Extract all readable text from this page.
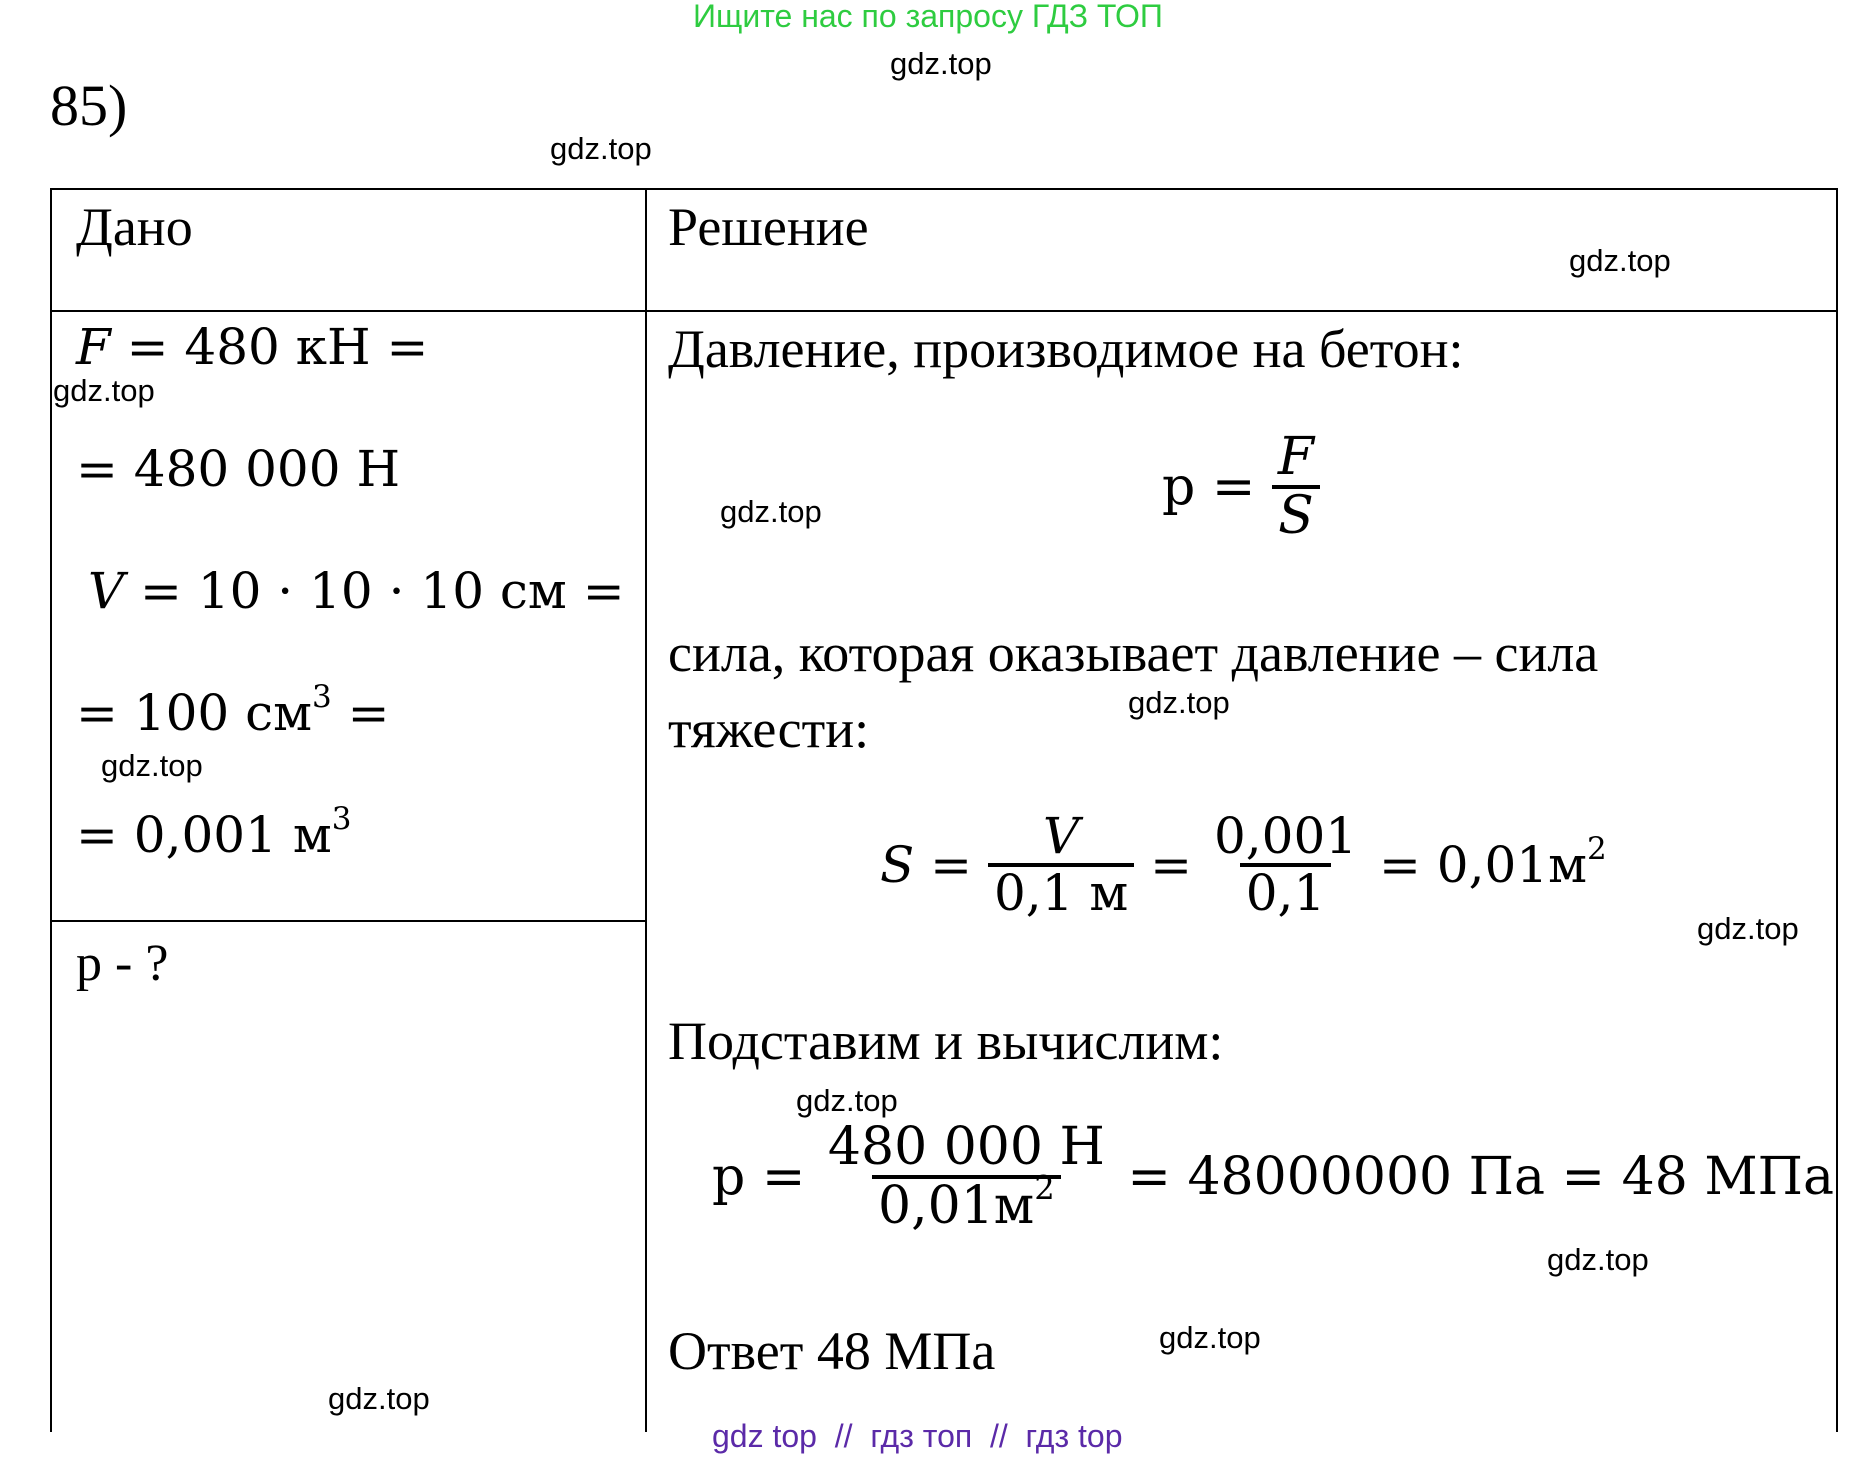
Ищите нас по запросу ГДЗ ТОП
gdz top  //  гдз топ  //  гдз top
gdz.top
gdz.top
gdz.top
gdz.top
gdz.top
gdz.top
gdz.top
gdz.top
gdz.top
gdz.top
gdz.top
gdz.top
85)
Дано	Решение
F = 480 кН =
= 480 000 Н
V = 10 · 10 · 10 см =
= 100 $см^3$ =
= 0,001 $м^3$
p - ?
Давление, производимое на бетон:
$p = \frac{F}{S}$
сила, которая оказывает давление – сила
тяжести:
$S = \frac{V}{0,1 м} = \frac{0,001}{0,1} = 0,01м^2$
Подставим и вычислим:
$p = \frac{480 000 Н}{0,01м^2} = 48000000$ Па = 48 МПа
Ответ 48 МПа
